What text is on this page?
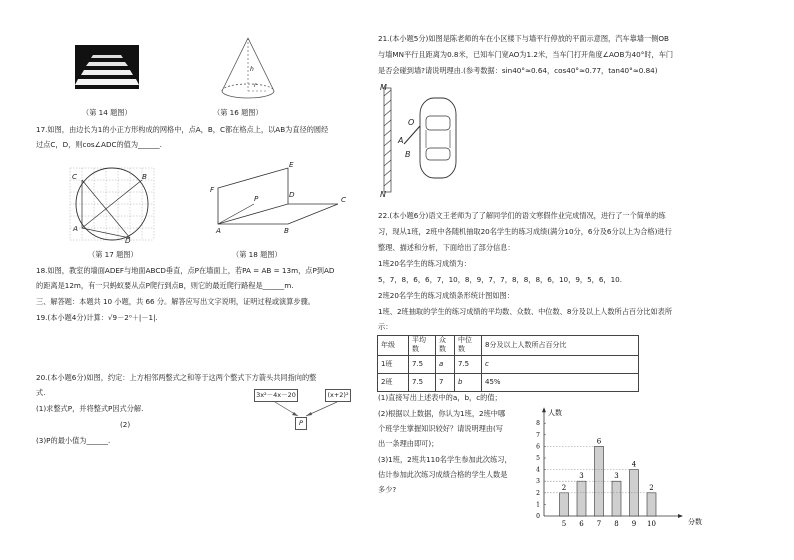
（第 14 题图）
h
r
（第 16 题图）
17.如图，由边长为1的小正方形构成的网格中，点A，B，C都在格点上，以AB为直径的圆经
过点C，D，则cos∠ADC的值为______.
C	B
A
D
（第 17 题图）
F
E
P	D
C
A	B
（第 18 题图）
18.如图，教室的墙面ADEF与地面ABCD垂直，点P在墙面上，若PA = AB = 13m，点P到AD
的距离是12m，有一只蚂蚁要从点P爬行到点B，则它的最近爬行路程是______m.
三、解答题：本题共 10 小题，共 66 分。解答应写出文字说明，证明过程或演算步骤。
19.(本小题4分)计算：√9－2⁰＋|－1|.
20.(本小题6分)如图，约定：上方相邻两整式之和等于这两个整式下方箭头共同指向的整
式.
(1)求整式P，并将整式P因式分解.
(2)
(3)P的最小值为______.
3x²－4x－20	(x+2)²
P
21.(本小题5分)如图是陈老师的车在小区楼下与墙平行停放的平面示意图，汽车靠墙一侧OB
与墙MN平行且距离为0.8米，已知车门宽AO为1.2米，当车门打开角度∠AOB为40°时，车门
是否会碰到墙?请说明理由.(参考数据：sin40°≈0.64，cos40°≈0.77，tan40°≈0.84)
M
N
O
A
B
22.(本小题6分)语文王老师为了了解同学们的语文寒假作业完成情况，进行了一个简单的练
习，现从1班，2班中各随机抽取20名学生的练习成绩(满分10分，6分及6分以上为合格)进行
整理、描述和分析，下面给出了部分信息：
1班20名学生的练习成绩为：
5，7，8，6，6，7，10，8，9，7，7，8，8，8，6，10，9，5，6，10.
2班20名学生的练习成绩条形统计图如图：
1班、2班抽取的学生的练习成绩的平均数、众数、中位数、8分及以上人数所占百分比如表所
示：
年级	平均数	众数	中位数	8分及以上人数所占百分比
1班	7.5	a	7.5	c
2班	7.5	7	b	45%
(1)直接写出上述表中的a，b，c的值；
(2)根据以上数据，你认为1班，2班中哪
个班学生掌握知识较好？请说明理由(写
出一条理由即可)；
(3)1班，2班共110名学生参加此次练习，
估计参加此次练习成绩合格的学生人数是
多少?
0
1
2
3
4
5
6
7
8
人数
分数
2
5
3
6
6
7
3
8
4
9
2
10
